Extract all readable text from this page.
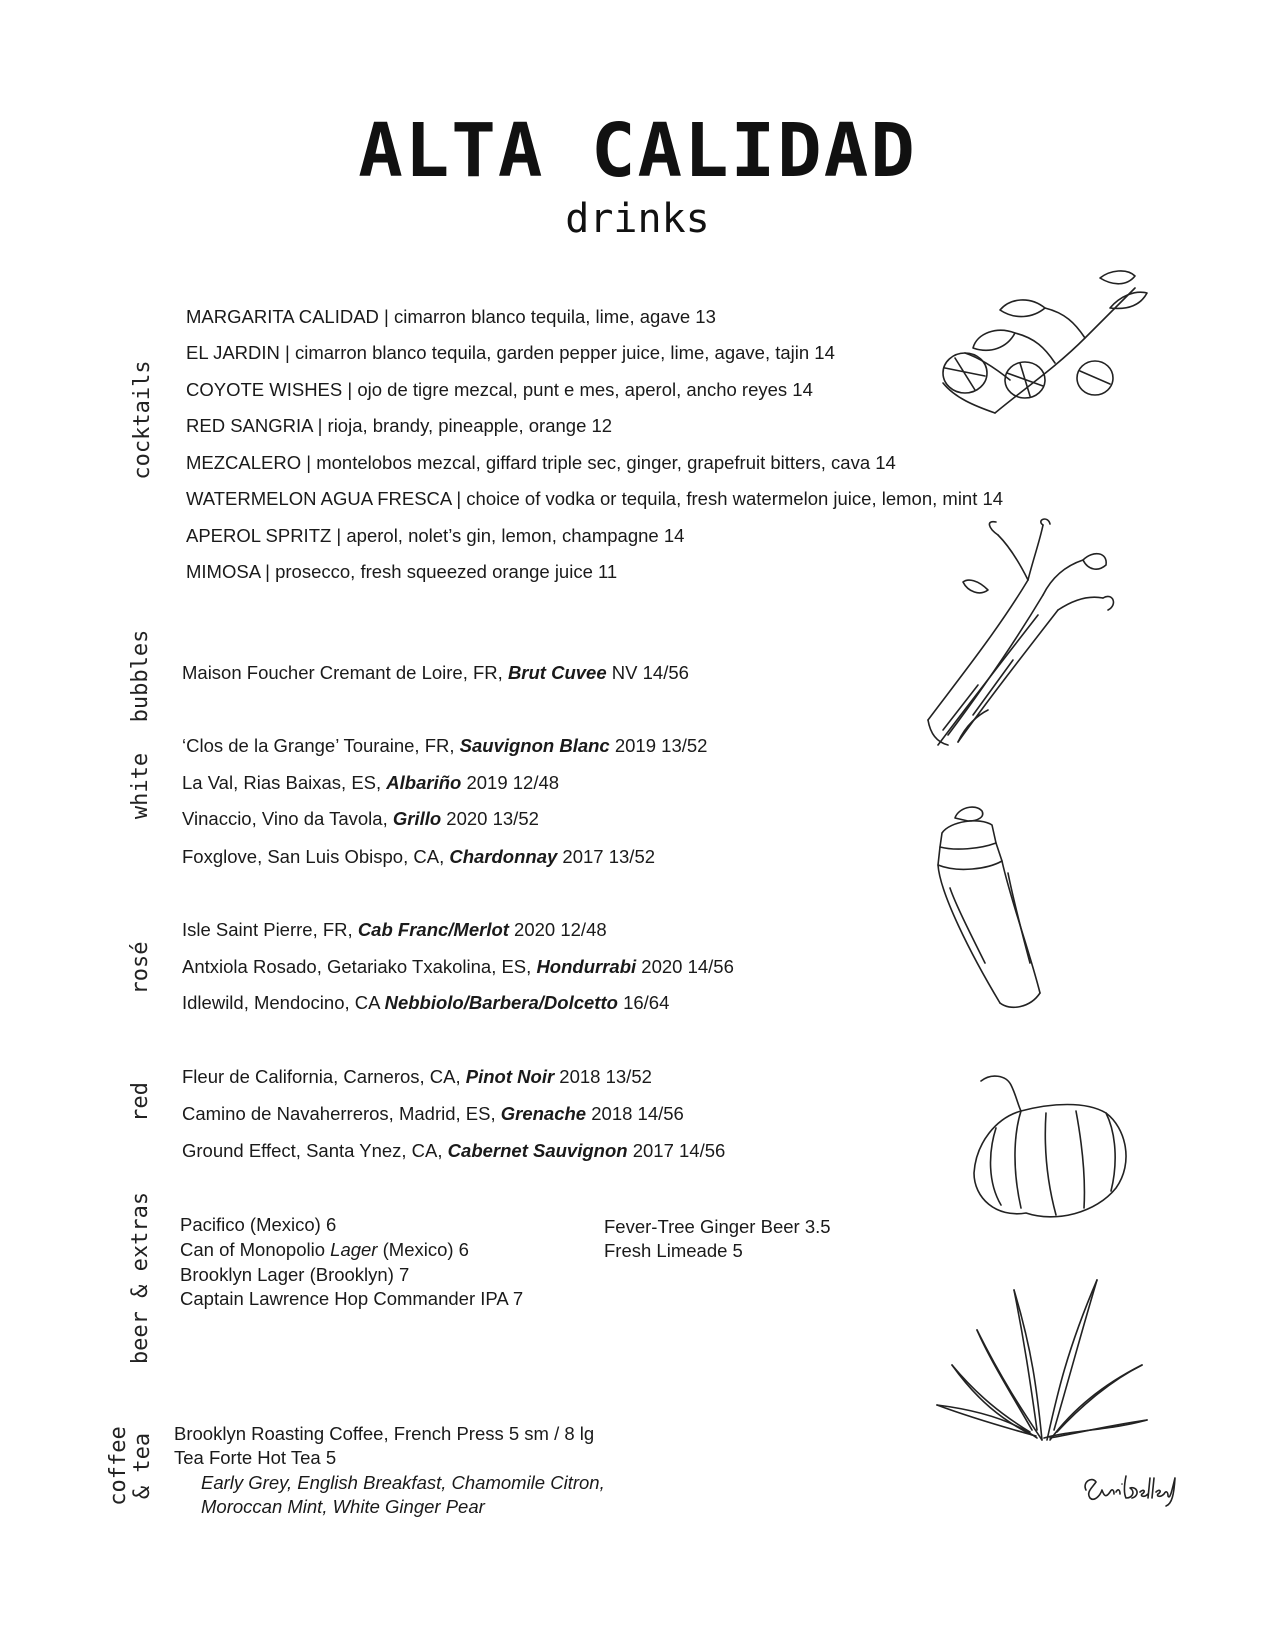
ALTA CALIDAD
drinks
cocktails
bubbles
white
rosé
red
beer & extras
coffee & tea
MARGARITA CALIDAD | cimarron blanco tequila, lime, agave 13
EL JARDIN | cimarron blanco tequila, garden pepper juice, lime, agave, tajin 14
COYOTE WISHES | ojo de tigre mezcal, punt e mes, aperol, ancho reyes 14
RED SANGRIA | rioja, brandy, pineapple, orange 12
MEZCALERO | montelobos mezcal, giffard triple sec, ginger, grapefruit bitters, cava 14
WATERMELON AGUA FRESCA | choice of vodka or tequila, fresh watermelon juice, lemon, mint 14
APEROL SPRITZ | aperol, nolet’s gin, lemon, champagne 14
MIMOSA | prosecco, fresh squeezed orange juice 11
Maison Foucher Cremant de Loire, FR, Brut Cuvee NV 14/56
‘Clos de la Grange’ Touraine, FR, Sauvignon Blanc 2019 13/52
La Val, Rias Baixas, ES, Albariño 2019 12/48
Vinaccio, Vino da Tavola, Grillo 2020 13/52
Foxglove, San Luis Obispo, CA, Chardonnay 2017 13/52
Isle Saint Pierre, FR, Cab Franc/Merlot 2020 12/48
Antxiola Rosado, Getariako Txakolina, ES, Hondurrabi 2020 14/56
Idlewild, Mendocino, CA Nebbiolo/Barbera/Dolcetto 16/64
Fleur de California, Carneros, CA, Pinot Noir 2018 13/52
Camino de Navaherreros, Madrid, ES, Grenache 2018 14/56
Ground Effect, Santa Ynez, CA, Cabernet Sauvignon 2017 14/56
Pacifico (Mexico) 6
Can of Monopolio Lager (Mexico) 6
Brooklyn Lager (Brooklyn) 7
Captain Lawrence Hop Commander IPA 7
Fever-Tree Ginger Beer 3.5
Fresh Limeade 5
Brooklyn Roasting Coffee, French Press 5 sm / 8 lg
Tea Forte Hot Tea 5
Early Grey, English Breakfast, Chamomile Citron,
Moroccan Mint, White Ginger Pear
